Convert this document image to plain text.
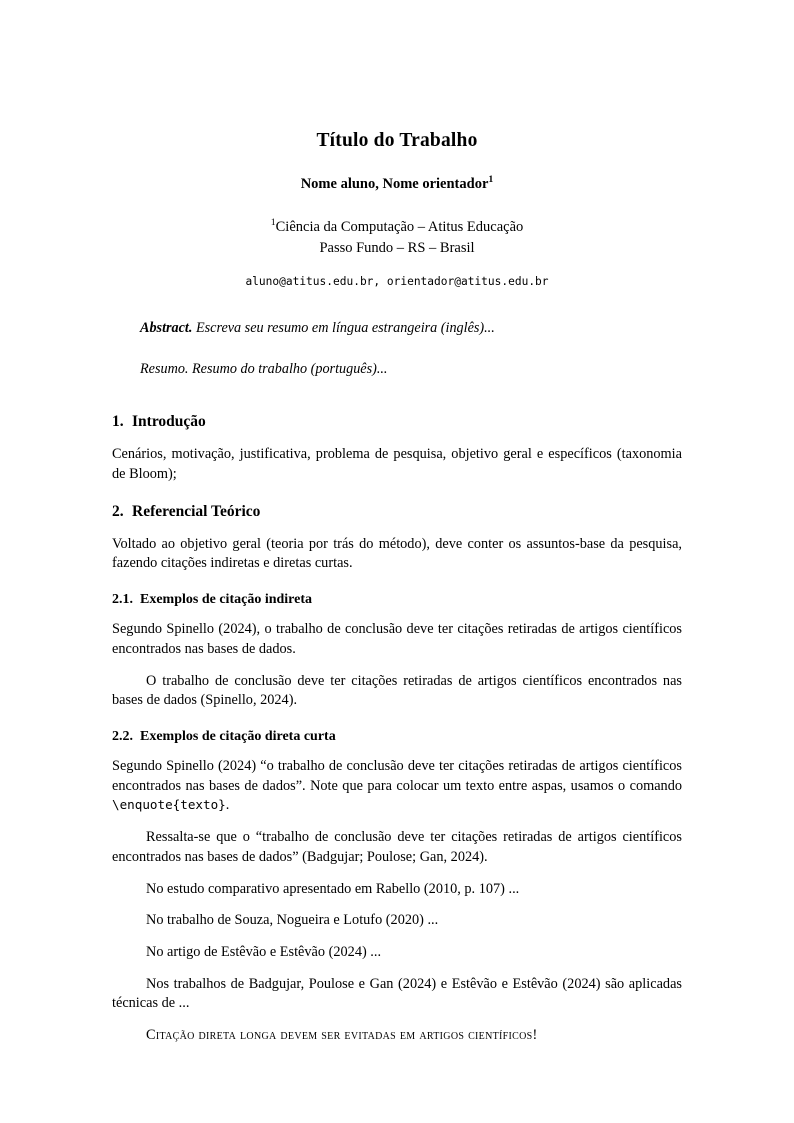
Título do Trabalho
Nome aluno, Nome orientador$^1$
$^1$Ciência da Computação – Atitus Educação
Passo Fundo – RS – Brasil
aluno@atitus.edu.br, orientador@atitus.edu.br
Abstract. Escreva seu resumo em língua estrangeira (inglês)...
Resumo. Resumo do trabalho (português)...
1. Introdução

Cenários, motivação, justificativa, problema de pesquisa, objetivo geral e específicos (taxonomia de Bloom);

2. Referencial Teórico

Voltado ao objetivo geral (teoria por trás do método), deve conter os assuntos-base da pesquisa, fazendo citações indiretas e diretas curtas.

2.1. Exemplos de citação indireta

Segundo Spinello (2024), o trabalho de conclusão deve ter citações retiradas de artigos científicos encontrados nas bases de dados.

O trabalho de conclusão deve ter citações retiradas de artigos científicos encontrados nas bases de dados (Spinello, 2024).

2.2. Exemplos de citação direta curta

Segundo Spinello (2024) “o trabalho de conclusão deve ter citações retiradas de artigos científicos encontrados nas bases de dados”. Note que para colocar um texto entre aspas, usamos o comando \enquote{texto}.

Ressalta-se que o “trabalho de conclusão deve ter citações retiradas de artigos científicos encontrados nas bases de dados” (Badgujar; Poulose; Gan, 2024).

No estudo comparativo apresentado em Rabello (2010, p. 107) ...

No trabalho de Souza, Nogueira e Lotufo (2020) ...

No artigo de Estêvão e Estêvão (2024) ...

Nos trabalhos de Badgujar, Poulose e Gan (2024) e Estêvão e Estêvão (2024) são aplicadas técnicas de ...

Citação direta longa devem ser evitadas em artigos científicos!
